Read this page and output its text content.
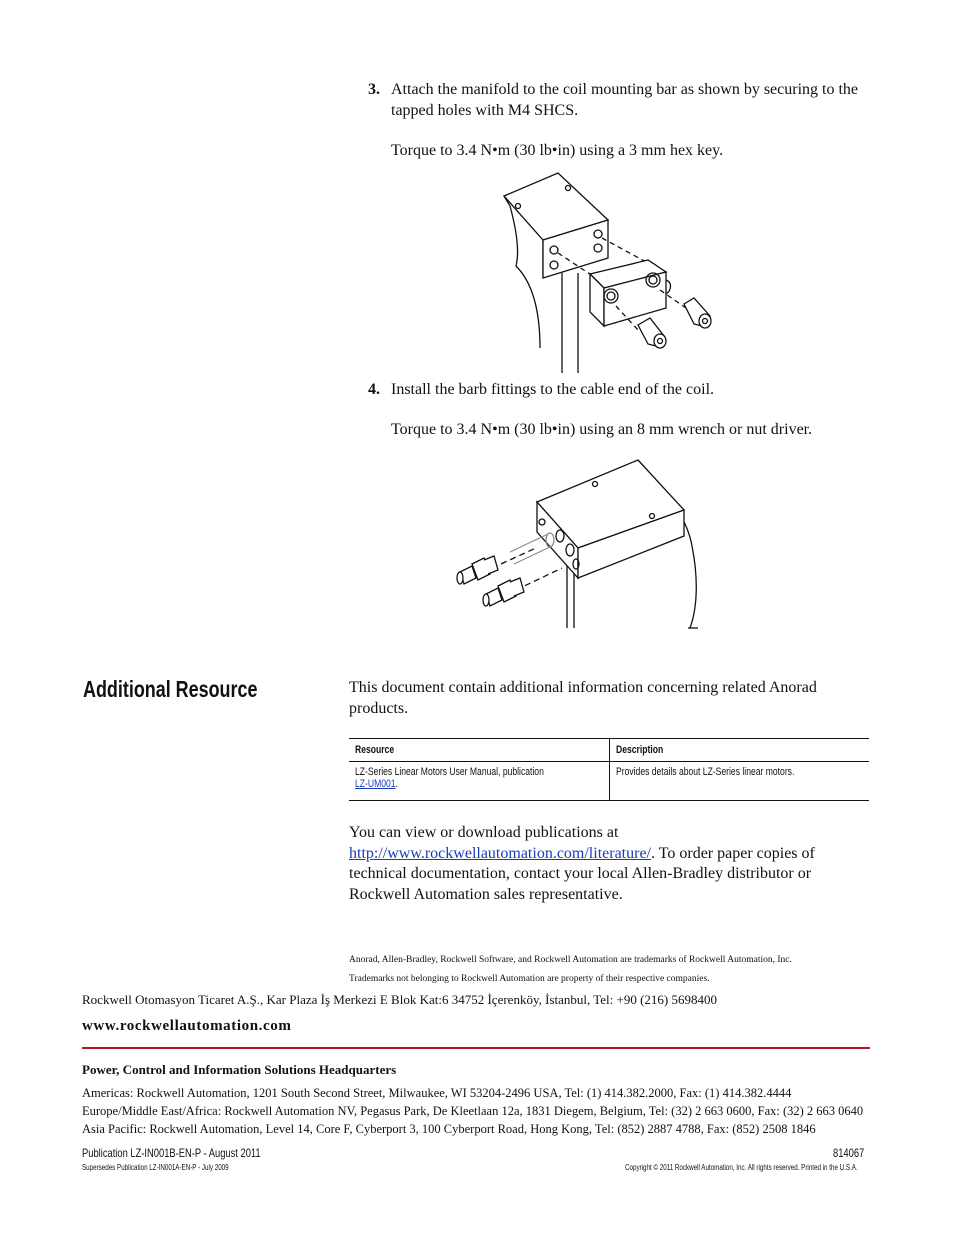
3. Attach the manifold to the coil mounting bar as shown by securing to the
tapped holes with M4 SHCS.
Torque to 3.4 N•m (30 lb•in) using a 3 mm hex key.
4. Install the barb fittings to the cable end of the coil.
Torque to 3.4 N•m (30 lb•in) using an 8 mm wrench or nut driver.
Additional Resource	This document contain additional information concerning related Anorad
products.
Resource	Description
LZ-Series Linear Motors User Manual, publication
LZ-UM001.	Provides details about LZ-Series linear motors.
You can view or download publications at
http://www.rockwellautomation.com/literature/. To order paper copies of
technical documentation, contact your local Allen-Bradley distributor or
Rockwell Automation sales representative.
Anorad, Allen-Bradley, Rockwell Software, and Rockwell Automation are trademarks of Rockwell Automation, Inc.
Trademarks not belonging to Rockwell Automation are property of their respective companies.
Rockwell Otomasyon Ticaret A.Ş., Kar Plaza İş Merkezi E Blok Kat:6 34752 İçerenköy, İstanbul, Tel: +90 (216) 5698400
www.rockwellautomation.com
Power, Control and Information Solutions Headquarters
Americas: Rockwell Automation, 1201 South Second Street, Milwaukee, WI 53204-2496 USA, Tel: (1) 414.382.2000, Fax: (1) 414.382.4444
Europe/Middle East/Africa: Rockwell Automation NV, Pegasus Park, De Kleetlaan 12a, 1831 Diegem, Belgium, Tel: (32) 2 663 0600, Fax: (32) 2 663 0640
Asia Pacific: Rockwell Automation, Level 14, Core F, Cyberport 3, 100 Cyberport Road, Hong Kong, Tel: (852) 2887 4788, Fax: (852) 2508 1846
Publication LZ-IN001B-EN-P - August 2011	814067
Supersedes Publication LZ-IN001A-EN-P - July 2009	Copyright © 2011 Rockwell Automation, Inc. All rights reserved. Printed in the U.S.A.
